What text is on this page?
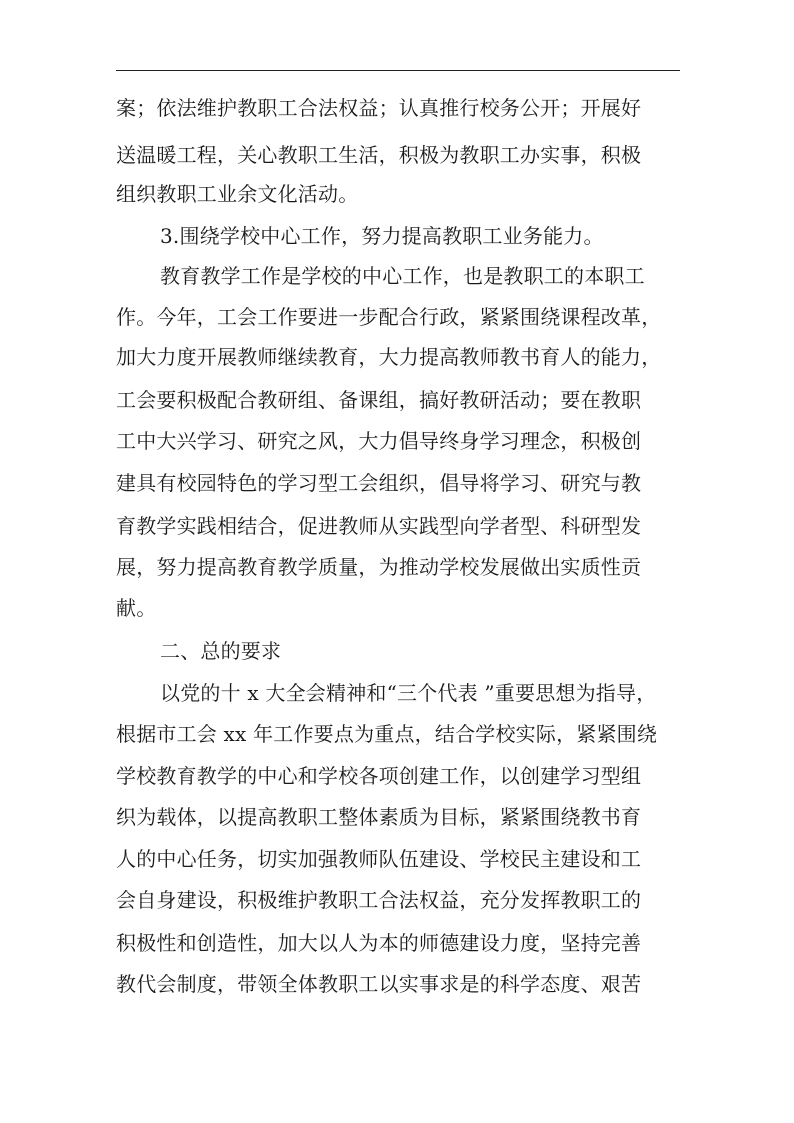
案；依法维护教职工合法权益；认真推行校务公开；开展好
送温暖工程，关心教职工生活，积极为教职工办实事，积极
组织教职工业余文化活动。
3.围绕学校中心工作，努力提高教职工业务能力。
教育教学工作是学校的中心工作，也是教职工的本职工
作。今年，工会工作要进一步配合行政，紧紧围绕课程改革，
加大力度开展教师继续教育，大力提高教师教书育人的能力，
工会要积极配合教研组、备课组，搞好教研活动；要在教职
工中大兴学习、研究之风，大力倡导终身学习理念，积极创
建具有校园特色的学习型工会组织，倡导将学习、研究与教
育教学实践相结合，促进教师从实践型向学者型、科研型发
展，努力提高教育教学质量，为推动学校发展做出实质性贡
献。
二、总的要求
以党的十 x 大全会精神和“三个代表 ”重要思想为指导，
根据市工会 xx 年工作要点为重点，结合学校实际，紧紧围绕
学校教育教学的中心和学校各项创建工作，以创建学习型组
织为载体，以提高教职工整体素质为目标，紧紧围绕教书育
人的中心任务，切实加强教师队伍建设、学校民主建设和工
会自身建设，积极维护教职工合法权益，充分发挥教职工的
积极性和创造性，加大以人为本的师德建设力度，坚持完善
教代会制度，带领全体教职工以实事求是的科学态度、艰苦
